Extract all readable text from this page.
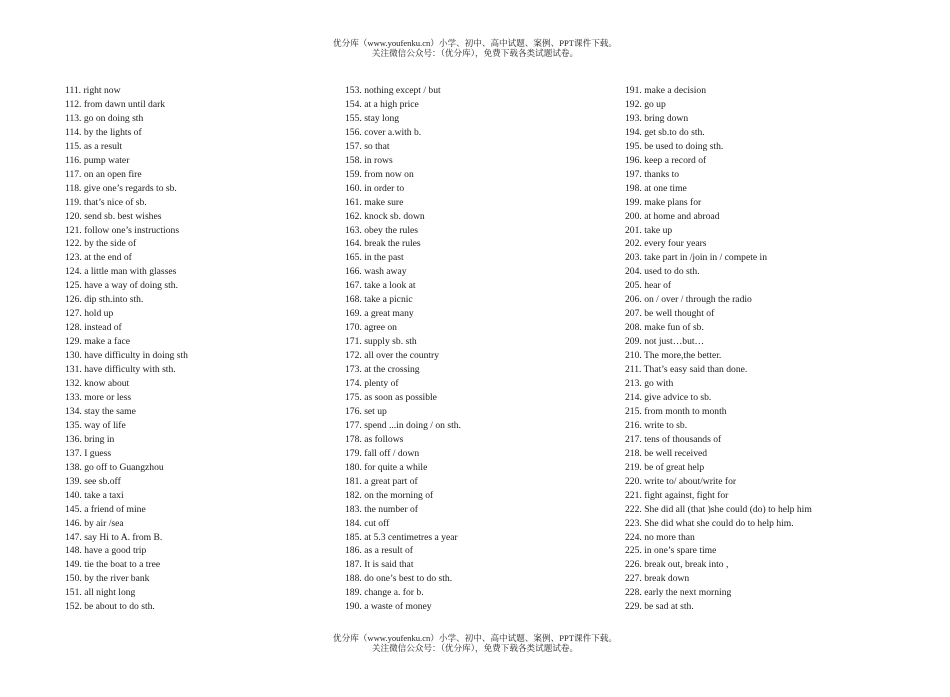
优分库（www.youfenku.cn）小学、初中、高中试题、案例、PPT课件下载。
关注微信公众号：（优分库），免费下载各类试题试卷。
111. right now
112. from dawn until dark
113. go on doing sth
114. by the lights of
115. as a result
116. pump water
117. on an open fire
118. give one’s regards to sb.
119. that’s nice of sb.
120. send sb. best wishes
121. follow one’s instructions
122. by the side of
123. at the end of
124. a little man with glasses
125. have a way of doing sth.
126. dip sth.into sth.
127. hold up
128. instead of
129. make a face
130. have difficulty in doing sth
131. have difficulty with sth.
132. know about
133. more or less
134. stay the same
135. way of life
136. bring in
137. I guess
138. go off to Guangzhou
139. see sb.off
140. take a taxi
145. a friend of mine
146. by air /sea
147. say Hi to A. from B.
148. have a good trip
149. tie the boat to a tree
150. by the river bank
151. all night long
152. be about to do sth.
153. nothing except / but
154. at a high price
155. stay long
156. cover a.with b.
157. so that
158. in rows
159. from now on
160. in order to
161. make sure
162. knock sb. down
163. obey the rules
164. break the rules
165. in the past
166. wash away
167. take a look at
168. take a picnic
169. a great many
170. agree on
171. supply sb. sth
172. all over the country
173. at the crossing
174. plenty of
175. as soon as possible
176. set up
177. spend ...in doing / on sth.
178. as follows
179. fall off / down
180. for quite a while
181. a great part of
182. on the morning of
183. the number of
184. cut off
185. at 5.3 centimetres a year
186. as a result of
187. It is said that
188. do one’s best to do sth.
189. change a. for b.
190. a waste of money
191. make a decision
192. go up
193. bring down
194. get sb.to do sth.
195. be used to doing sth.
196. keep a record of
197. thanks to
198. at one time
199. make plans for
200. at home and abroad
201. take up
202. every four years
203. take part in /join in / compete in
204. used to do sth.
205. hear of
206. on / over / through the radio
207. be well thought of
208. make fun of sb.
209. not just…but…
210. The more,the better.
211. That’s easy said than done.
213. go with
214. give advice to sb.
215. from month to month
216. write to sb.
217. tens of thousands of
218. be well received
219. be of great help
220. write to/ about/write for
221. fight against, fight for
222. She did all (that )she could (do) to help him
223. She did what she could do to help him.
224. no more than
225. in one’s spare time
226. break out, break into ,
227. break down
228. early the next morning
229. be sad at sth.
优分库（www.youfenku.cn）小学、初中、高中试题、案例、PPT课件下载。
关注微信公众号：（优分库），免费下载各类试题试卷。
